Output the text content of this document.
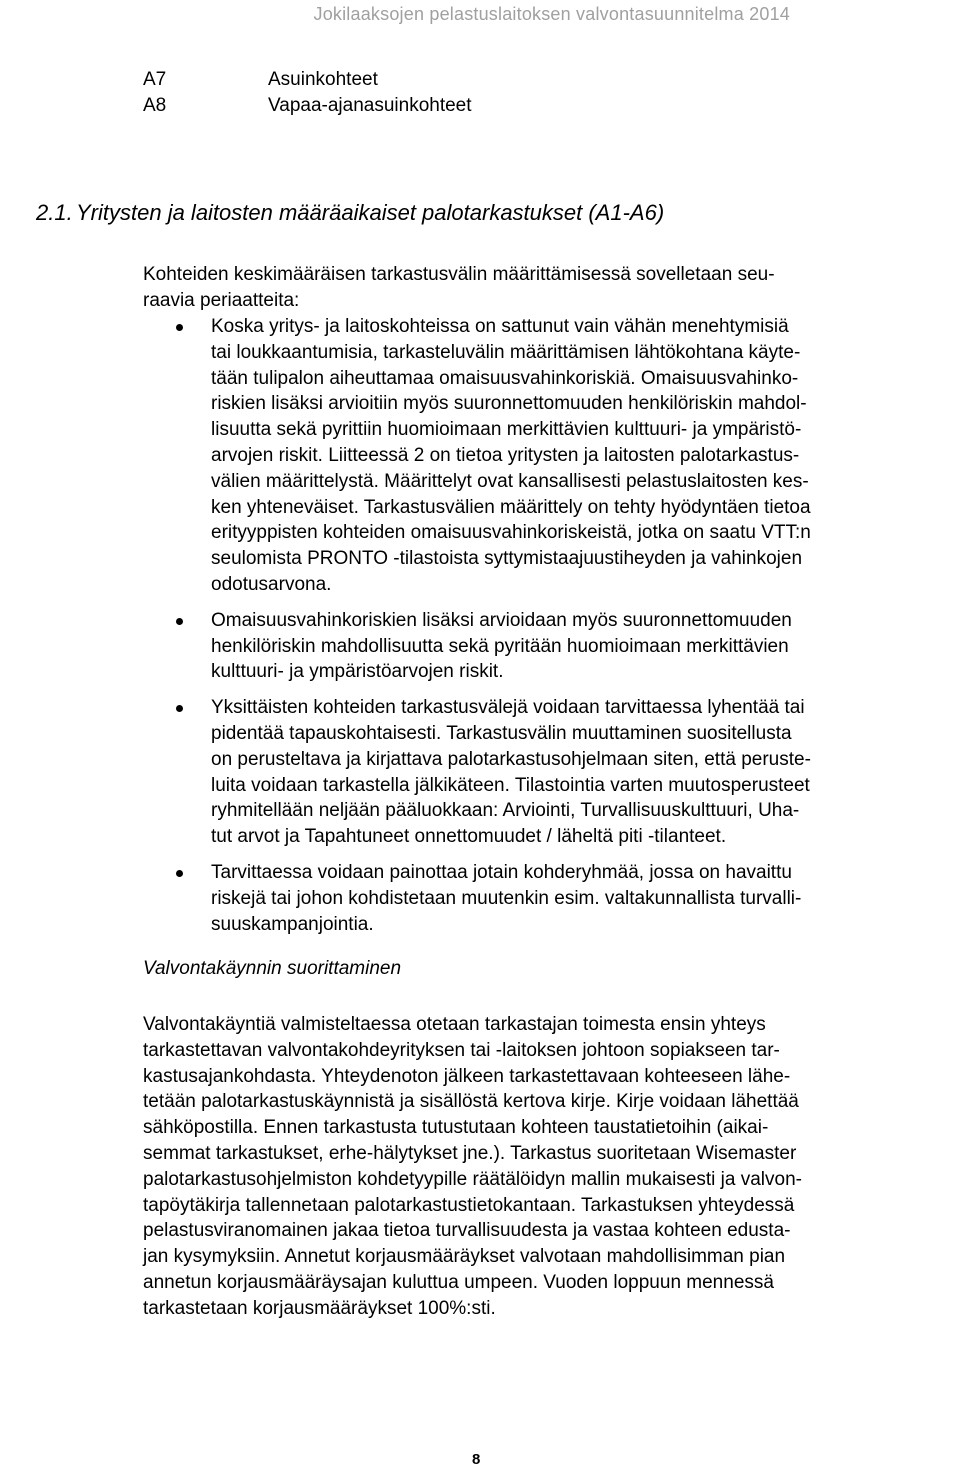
Jokilaaksojen pelastuslaitoksen valvontasuunnitelma 2014
A7	Asuinkohteet
A8	Vapaa-ajanasuinkohteet
2.1. Yritysten ja laitosten määräaikaiset palotarkastukset (A1-A6)
Kohteiden keskimääräisen tarkastusvälin määrittämisessä sovelletaan seu-
raavia periaatteita:
Koska yritys- ja laitoskohteissa on sattunut vain vähän menehtymisiä
tai loukkaantumisia, tarkasteluvälin määrittämisen lähtökohtana käyte-
tään tulipalon aiheuttamaa omaisuusvahinkoriskiä. Omaisuusvahinko-
riskien lisäksi arvioitiin myös suuronnettomuuden henkilöriskin mahdol-
lisuutta sekä pyrittiin huomioimaan merkittävien kulttuuri- ja ympäristö-
arvojen riskit. Liitteessä 2 on tietoa yritysten ja laitosten palotarkastus-
välien määrittelystä. Määrittelyt ovat kansallisesti pelastuslaitosten kes-
ken yhteneväiset. Tarkastusvälien määrittely on tehty hyödyntäen tietoa
erityyppisten kohteiden omaisuusvahinkoriskeistä, jotka on saatu VTT:n
seulomista PRONTO -tilastoista syttymistaajuustiheyden ja vahinkojen
odotusarvona.
Omaisuusvahinkoriskien lisäksi arvioidaan myös suuronnettomuuden
henkilöriskin mahdollisuutta sekä pyritään huomioimaan merkittävien
kulttuuri- ja ympäristöarvojen riskit.
Yksittäisten kohteiden tarkastusvälejä voidaan tarvittaessa lyhentää tai
pidentää tapauskohtaisesti. Tarkastusvälin muuttaminen suositellusta
on perusteltava ja kirjattava palotarkastusohjelmaan siten, että peruste-
luita voidaan tarkastella jälkikäteen. Tilastointia varten muutosperusteet
ryhmitellään neljään pääluokkaan: Arviointi, Turvallisuuskulttuuri, Uha-
tut arvot ja Tapahtuneet onnettomuudet / läheltä piti -tilanteet.
Tarvittaessa voidaan painottaa jotain kohderyhmää, jossa on havaittu
riskejä tai johon kohdistetaan muutenkin esim. valtakunnallista turvalli-
suuskampanjointia.
Valvontakäynnin suorittaminen
Valvontakäyntiä valmisteltaessa otetaan tarkastajan toimesta ensin yhteys
tarkastettavan valvontakohdeyrityksen tai -laitoksen johtoon sopiakseen tar-
kastusajankohdasta. Yhteydenoton jälkeen tarkastettavaan kohteeseen lähe-
tetään palotarkastuskäynnistä ja sisällöstä kertova kirje. Kirje voidaan lähettää
sähköpostilla. Ennen tarkastusta tutustutaan kohteen taustatietoihin (aikai-
semmat tarkastukset, erhe-hälytykset jne.). Tarkastus suoritetaan Wisemaster
palotarkastusohjelmiston kohdetyypille räätälöidyn mallin mukaisesti ja valvon-
tapöytäkirja tallennetaan palotarkastustietokantaan. Tarkastuksen yhteydessä
pelastusviranomainen jakaa tietoa turvallisuudesta ja vastaa kohteen edusta-
jan kysymyksiin. Annetut korjausmääräykset valvotaan mahdollisimman pian
annetun korjausmääräysajan kuluttua umpeen. Vuoden loppuun mennessä
tarkastetaan korjausmääräykset 100%:sti.
8
